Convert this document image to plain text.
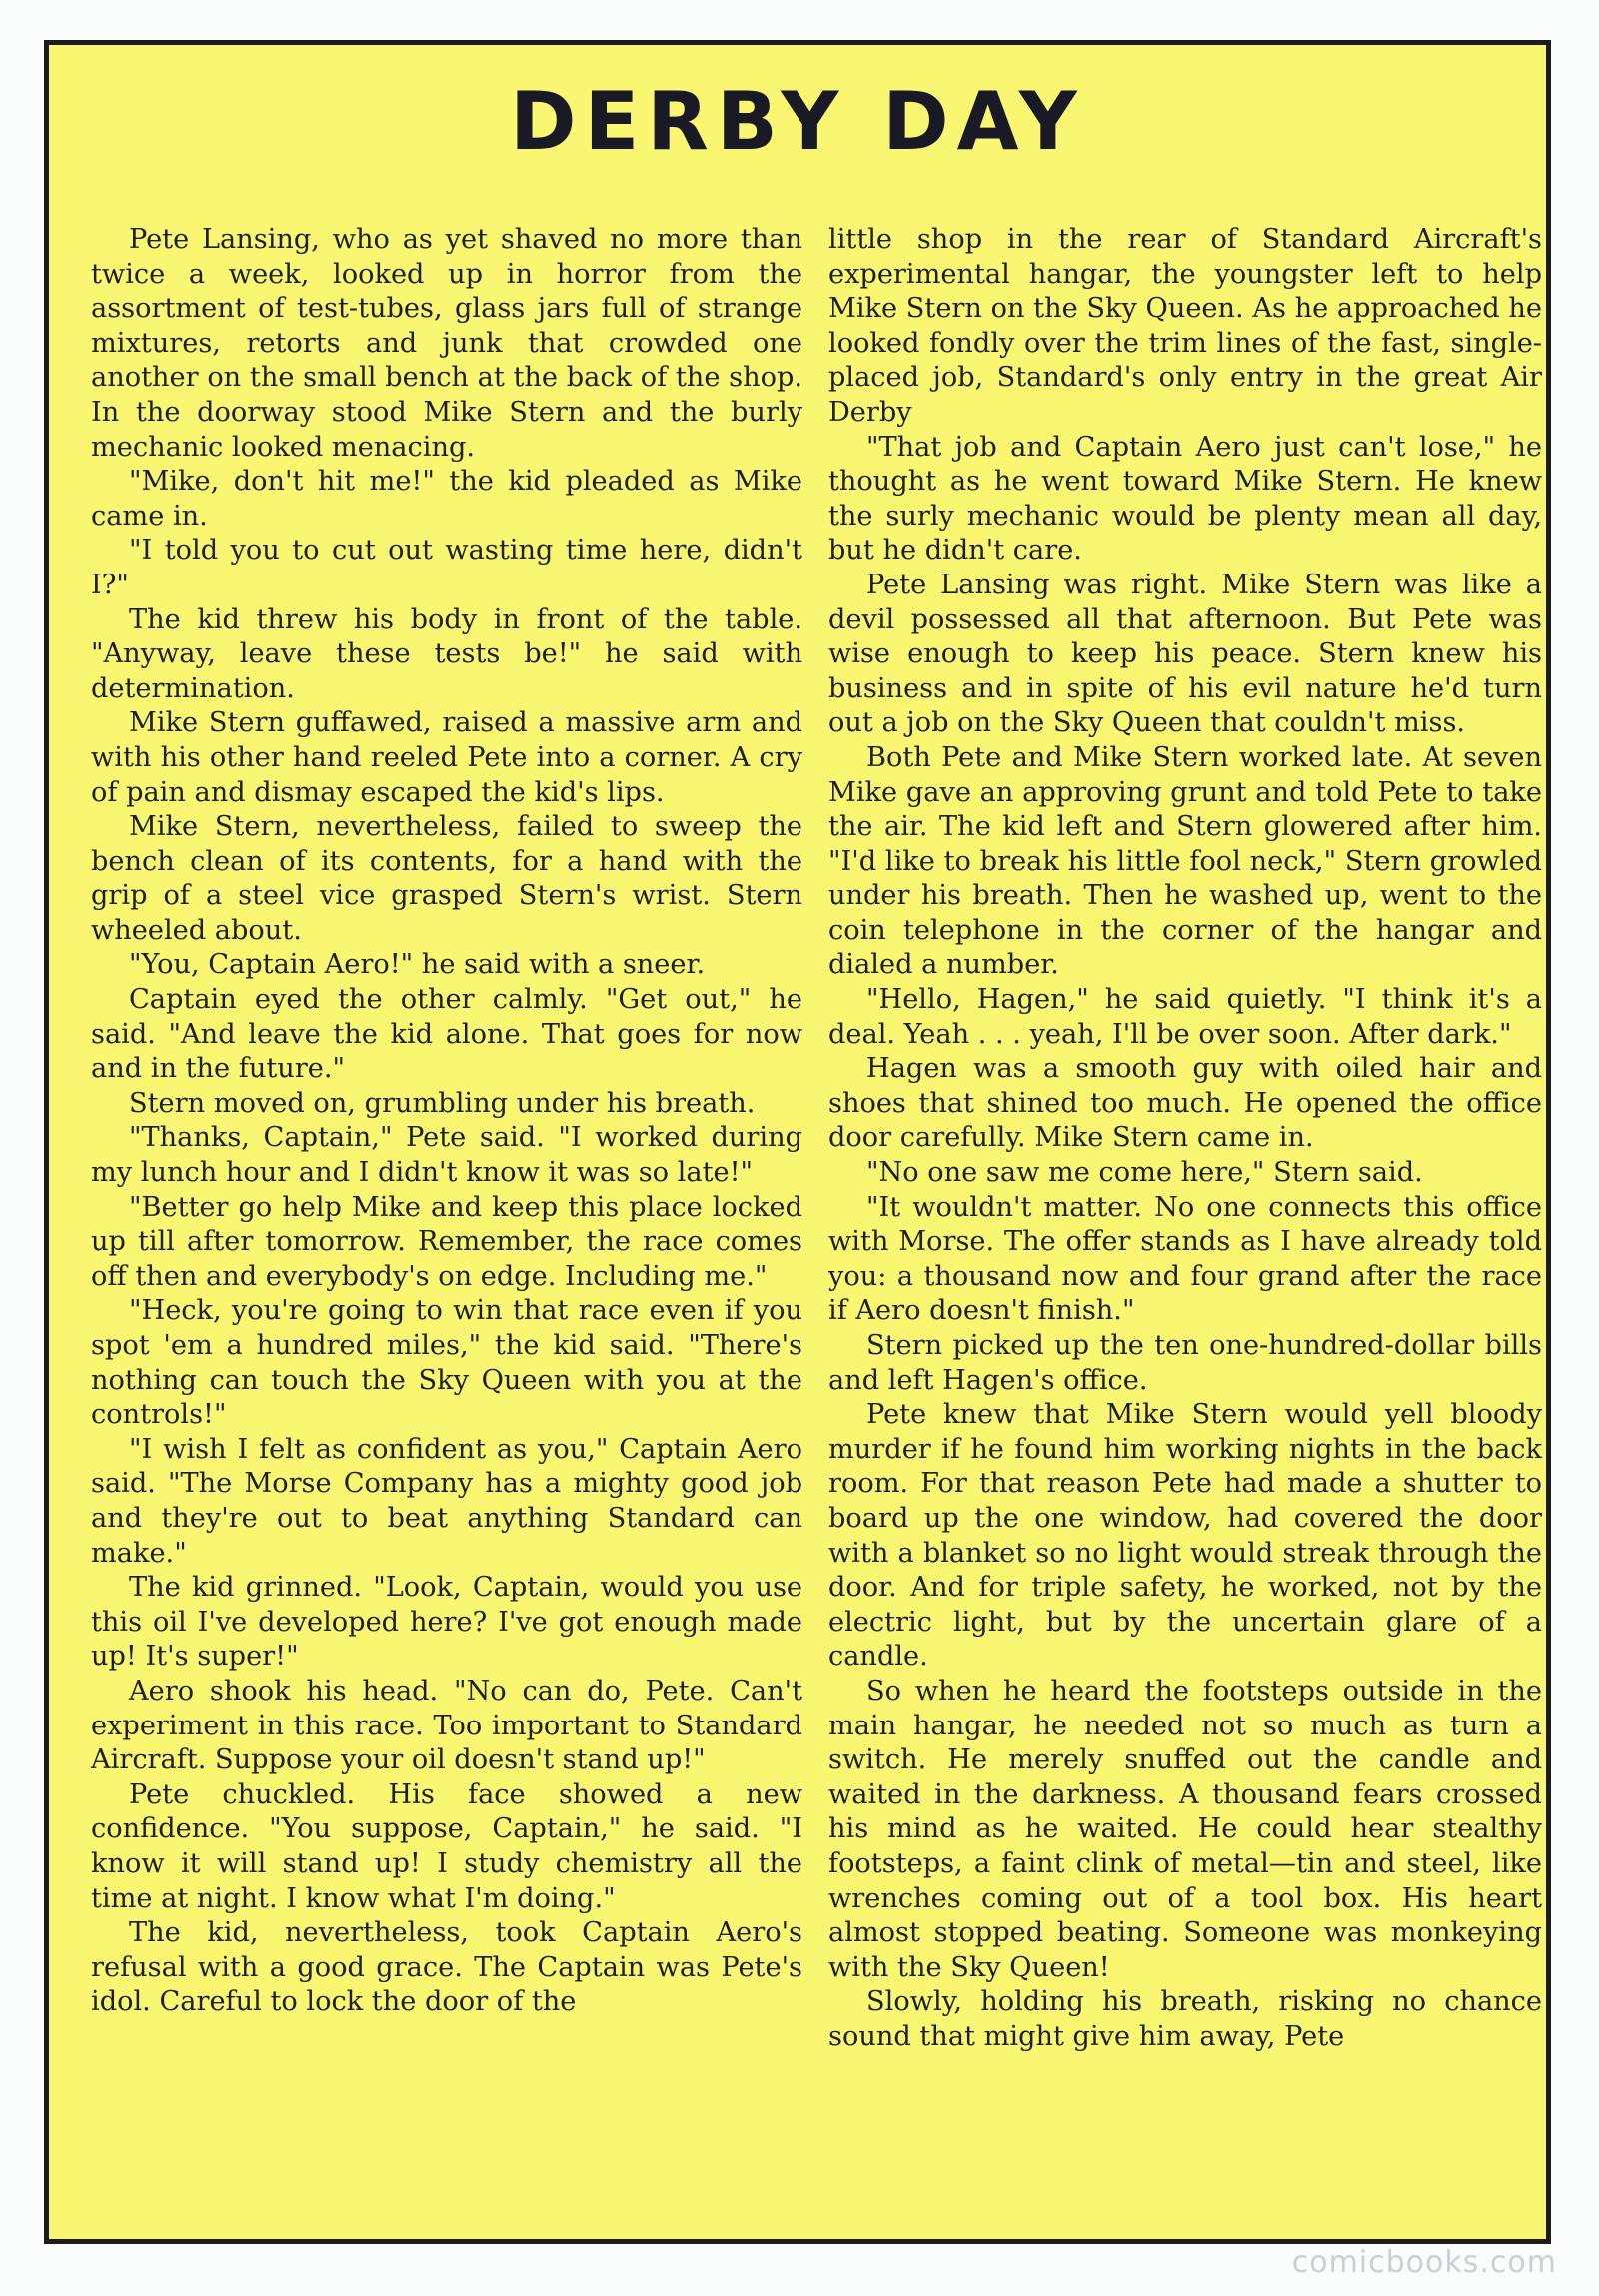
DERBY DAY

Pete Lansing, who as yet shaved no more than twice a week, looked up in horror from the assortment of test-tubes, glass jars full of strange mixtures, retorts and junk that crowded one another on the small bench at the back of the shop. In the doorway stood Mike Stern and the burly mechanic looked menacing.

"Mike, don't hit me!" the kid pleaded as Mike came in.

"I told you to cut out wasting time here, didn't I?"

The kid threw his body in front of the table. "Anyway, leave these tests be!" he said with determination.

Mike Stern guffawed, raised a massive arm and with his other hand reeled Pete into a corner. A cry of pain and dismay escaped the kid's lips.

Mike Stern, nevertheless, failed to sweep the bench clean of its contents, for a hand with the grip of a steel vice grasped Stern's wrist. Stern wheeled about.

"You, Captain Aero!" he said with a sneer.

Captain eyed the other calmly. "Get out," he said. "And leave the kid alone. That goes for now and in the future."

Stern moved on, grumbling under his breath.

"Thanks, Captain," Pete said. "I worked during my lunch hour and I didn't know it was so late!"

"Better go help Mike and keep this place locked up till after tomorrow. Remember, the race comes off then and everybody's on edge. Including me."

"Heck, you're going to win that race even if you spot 'em a hundred miles," the kid said. "There's nothing can touch the Sky Queen with you at the controls!"

"I wish I felt as confident as you," Captain Aero said. "The Morse Company has a mighty good job and they're out to beat anything Standard can make."

The kid grinned. "Look, Captain, would you use this oil I've developed here? I've got enough made up! It's super!"

Aero shook his head. "No can do, Pete. Can't experiment in this race. Too important to Standard Aircraft. Suppose your oil doesn't stand up!"

Pete chuckled. His face showed a new confidence. "You suppose, Captain," he said. "I know it will stand up! I study chemistry all the time at night. I know what I'm doing."

The kid, nevertheless, took Captain Aero's refusal with a good grace. The Captain was Pete's idol. Careful to lock the door of the

little shop in the rear of Standard Aircraft's experimental hangar, the youngster left to help Mike Stern on the Sky Queen. As he approached he looked fondly over the trim lines of the fast, single-placed job, Standard's only entry in the great Air Derby

"That job and Captain Aero just can't lose," he thought as he went toward Mike Stern. He knew the surly mechanic would be plenty mean all day, but he didn't care.

Pete Lansing was right. Mike Stern was like a devil possessed all that afternoon. But Pete was wise enough to keep his peace. Stern knew his business and in spite of his evil nature he'd turn out a job on the Sky Queen that couldn't miss.

Both Pete and Mike Stern worked late. At seven Mike gave an approving grunt and told Pete to take the air. The kid left and Stern glowered after him. "I'd like to break his little fool neck," Stern growled under his breath. Then he washed up, went to the coin telephone in the corner of the hangar and dialed a number.

"Hello, Hagen," he said quietly. "I think it's a deal. Yeah . . . yeah, I'll be over soon. After dark."

Hagen was a smooth guy with oiled hair and shoes that shined too much. He opened the office door carefully. Mike Stern came in.

"No one saw me come here," Stern said.

"It wouldn't matter. No one connects this office with Morse. The offer stands as I have already told you: a thousand now and four grand after the race if Aero doesn't finish."

Stern picked up the ten one-hundred-dollar bills and left Hagen's office.

Pete knew that Mike Stern would yell bloody murder if he found him working nights in the back room. For that reason Pete had made a shutter to board up the one window, had covered the door with a blanket so no light would streak through the door. And for triple safety, he worked, not by the electric light, but by the uncertain glare of a candle.

So when he heard the footsteps outside in the main hangar, he needed not so much as turn a switch. He merely snuffed out the candle and waited in the darkness. A thousand fears crossed his mind as he waited. He could hear stealthy footsteps, a faint clink of metal—tin and steel, like wrenches coming out of a tool box. His heart almost stopped beating. Someone was monkeying with the Sky Queen!

Slowly, holding his breath, risking no chance sound that might give him away, Pete

comicbooks.com
